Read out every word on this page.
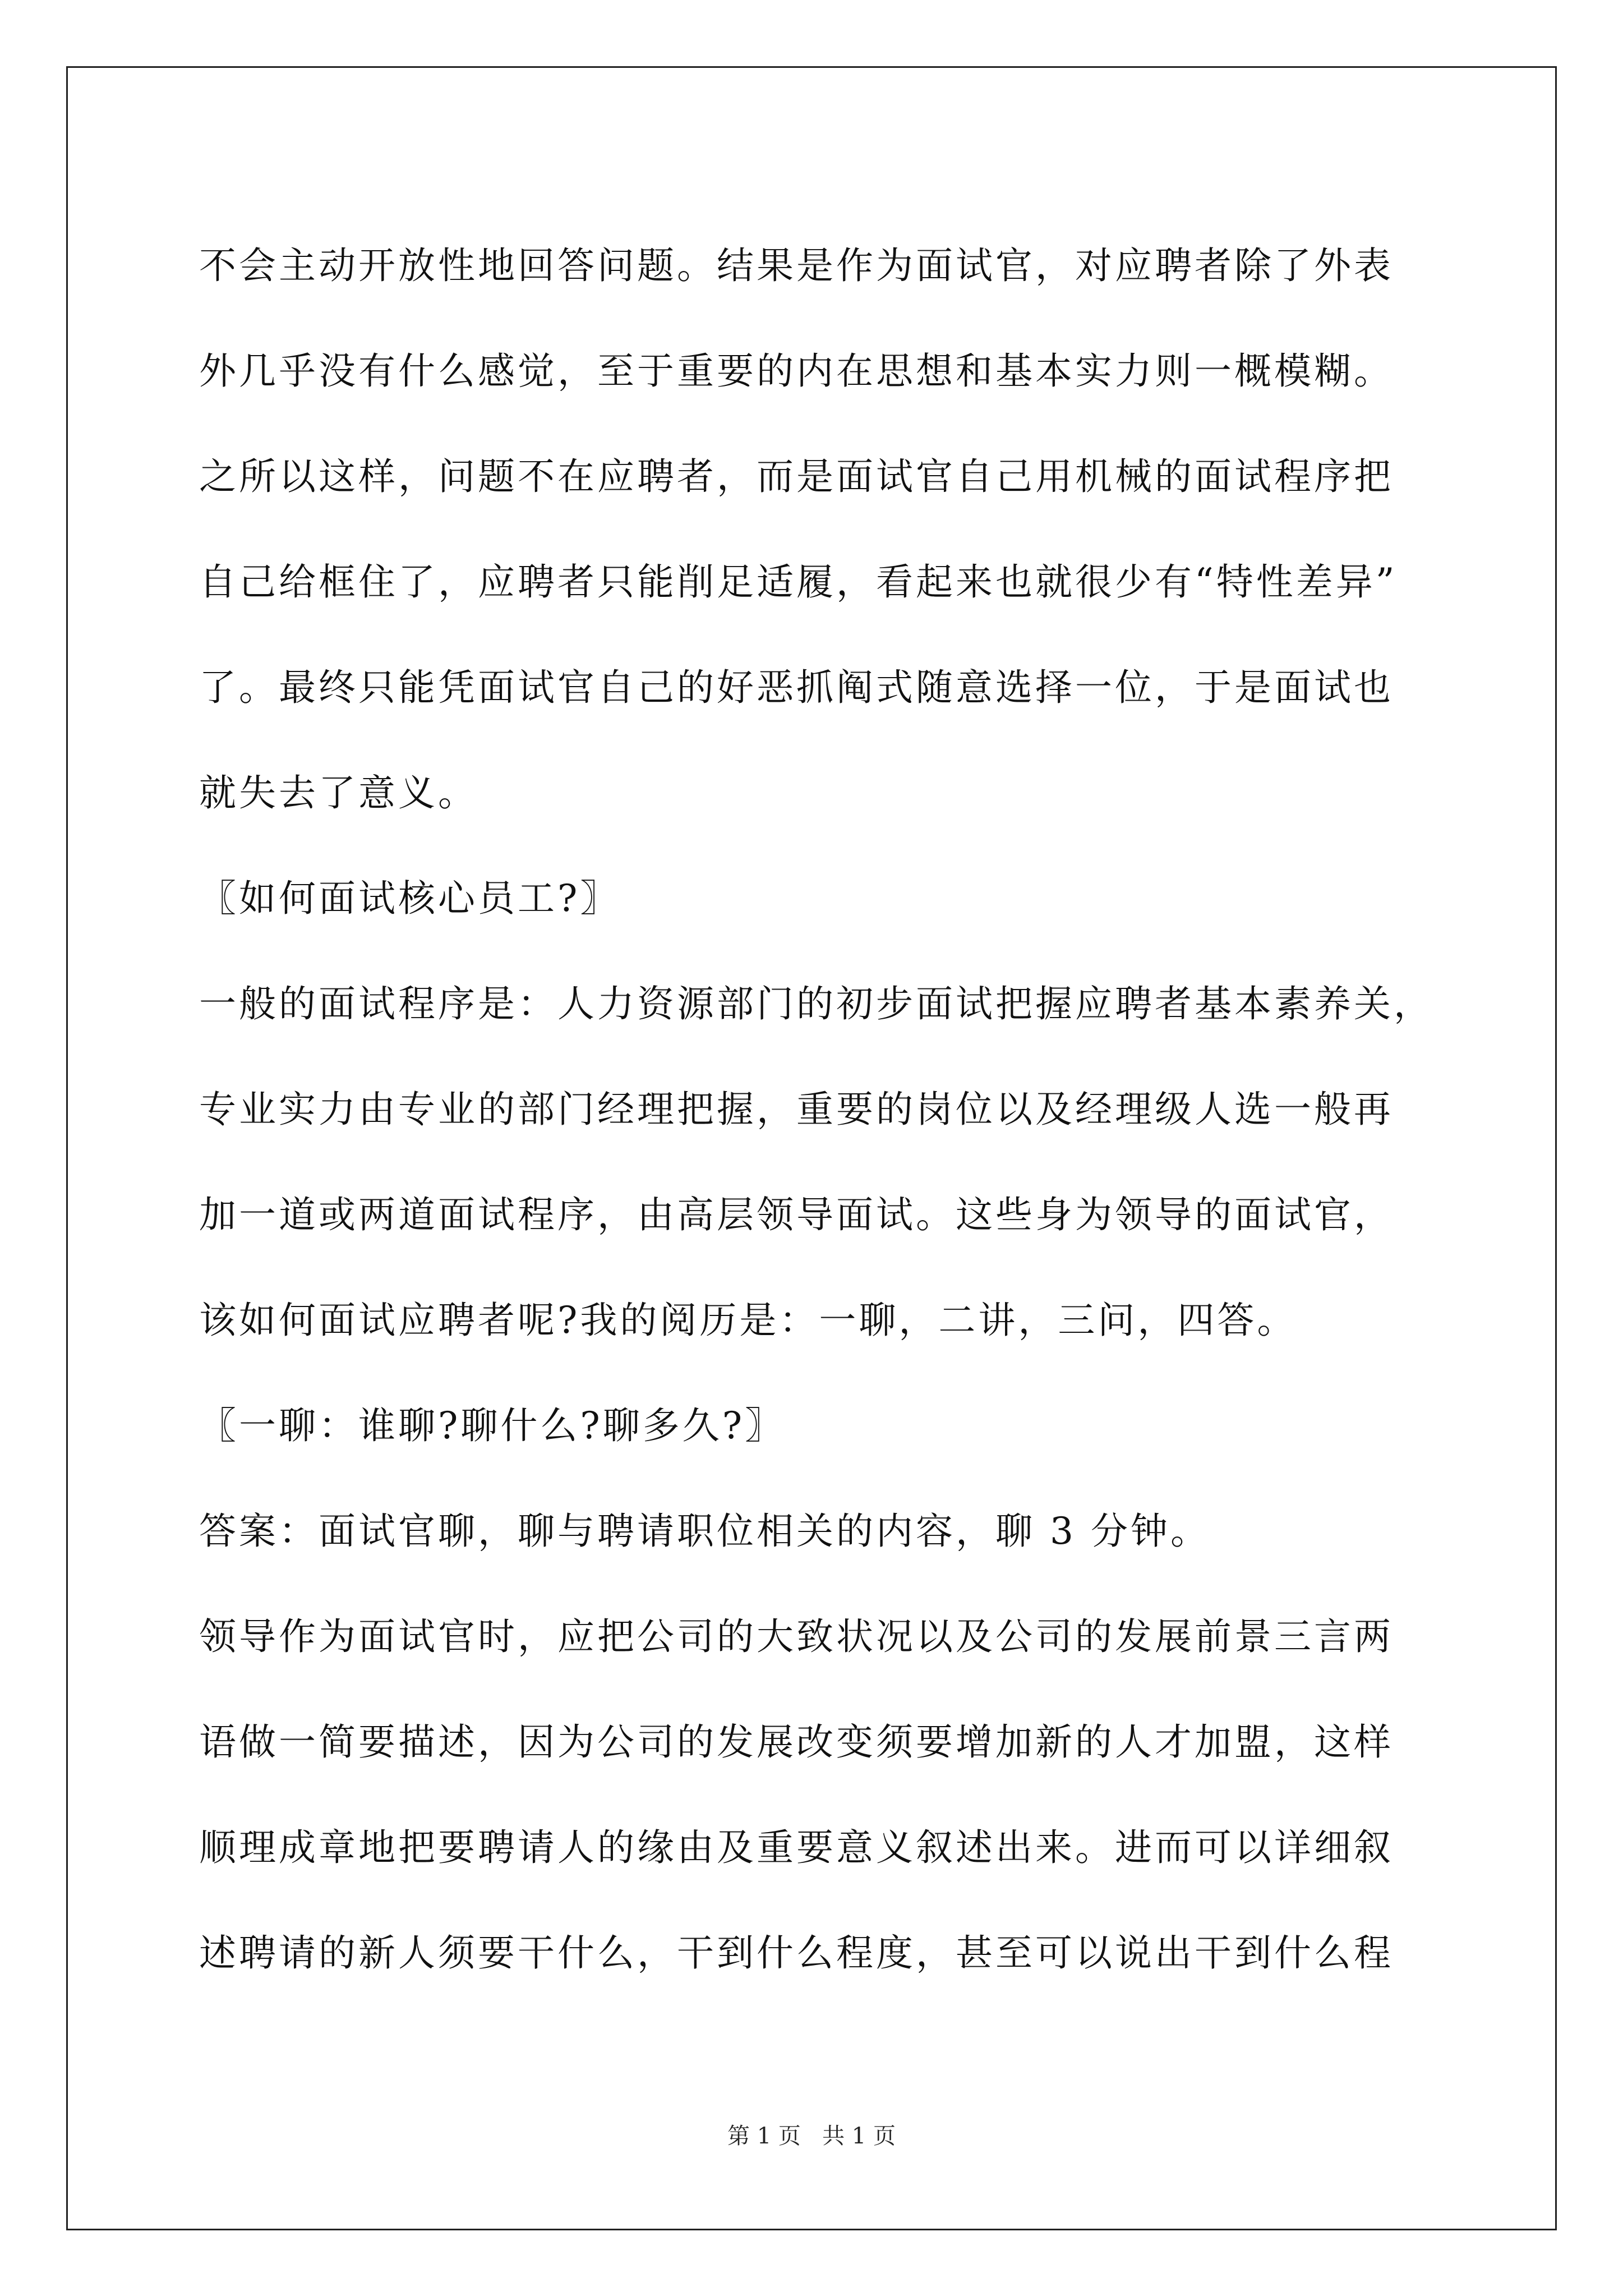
不会主动开放性地回答问题。结果是作为面试官，对应聘者除了外表
外几乎没有什么感觉，至于重要的内在思想和基本实力则一概模糊。
之所以这样，问题不在应聘者，而是面试官自己用机械的面试程序把
自己给框住了，应聘者只能削足适履，看起来也就很少有“特性差异”
了。最终只能凭面试官自己的好恶抓阄式随意选择一位，于是面试也
就失去了意义。
〖如何面试核心员工?〗
一般的面试程序是：人力资源部门的初步面试把握应聘者基本素养关，
专业实力由专业的部门经理把握，重要的岗位以及经理级人选一般再
加一道或两道面试程序，由高层领导面试。这些身为领导的面试官，
该如何面试应聘者呢?我的阅历是：一聊，二讲，三问，四答。
〖一聊：谁聊?聊什么?聊多久?〗
答案：面试官聊，聊与聘请职位相关的内容，聊 3 分钟。
领导作为面试官时，应把公司的大致状况以及公司的发展前景三言两
语做一简要描述，因为公司的发展改变须要增加新的人才加盟，这样
顺理成章地把要聘请人的缘由及重要意义叙述出来。进而可以详细叙
述聘请的新人须要干什么，干到什么程度，甚至可以说出干到什么程
第 1 页   共 1 页
